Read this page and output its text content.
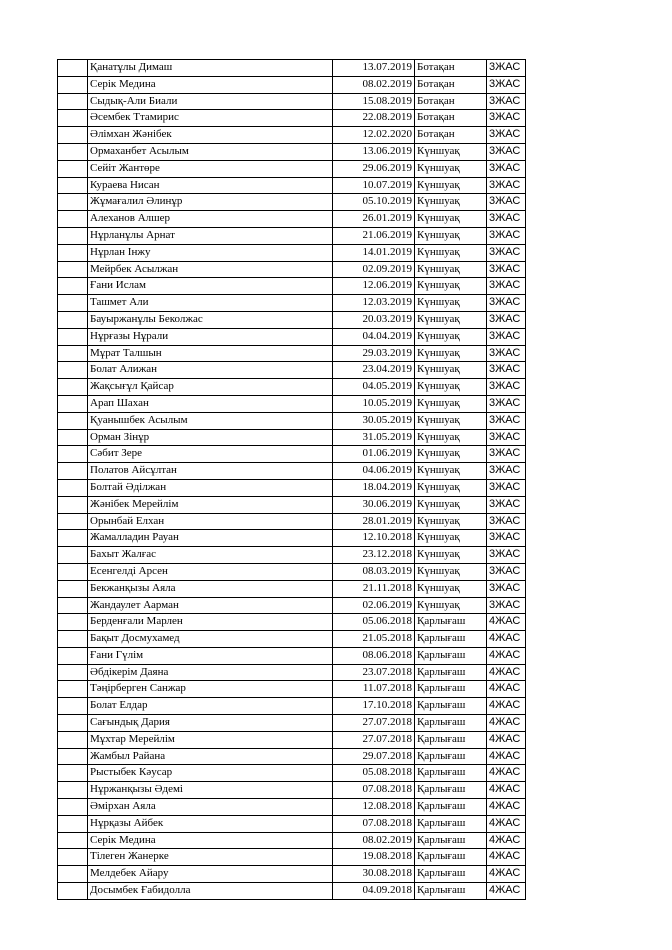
	Қанатұлы Димаш	13.07.2019	Ботақан	3ЖАС
	Серік Медина	08.02.2019	Ботақан	3ЖАС
	Сыдық-Али Биали	15.08.2019	Ботақан	3ЖАС
	Әсембек Ттамирис	22.08.2019	Ботақан	3ЖАС
	Әлімхан Жәнібек	12.02.2020	Ботақан	3ЖАС
	Ормаханбет Асылым	13.06.2019	Күншуақ	3ЖАС
	Сейіт Жантөре	29.06.2019	Күншуақ	3ЖАС
	Кураева Нисан	10.07.2019	Күншуақ	3ЖАС
	Жұмағалил Әлинұр	05.10.2019	Күншуақ	3ЖАС
	Алеханов Алшер	26.01.2019	Күншуақ	3ЖАС
	Нұрланұлы Арнат	21.06.2019	Күншуақ	3ЖАС
	Нұрлан Інжу	14.01.2019	Күншуақ	3ЖАС
	Мейрбек Асылжан	02.09.2019	Күншуақ	3ЖАС
	Ғани Ислам	12.06.2019	Күншуақ	3ЖАС
	Ташмет Али	12.03.2019	Күншуақ	3ЖАС
	Бауыржанұлы Беколжас	20.03.2019	Күншуақ	3ЖАС
	Нұрғазы Нұрали	04.04.2019	Күншуақ	3ЖАС
	Мұрат Талшын	29.03.2019	Күншуақ	3ЖАС
	Болат Алижан	23.04.2019	Күншуақ	3ЖАС
	Жақсығұл Қайсар	04.05.2019	Күншуақ	3ЖАС
	Арап Шахан	10.05.2019	Күншуақ	3ЖАС
	Қуанышбек Асылым	30.05.2019	Күншуақ	3ЖАС
	Орман Зінұр	31.05.2019	Күншуақ	3ЖАС
	Сәбит Зере	01.06.2019	Күншуақ	3ЖАС
	Полатов Айсұлтан	04.06.2019	Күншуақ	3ЖАС
	Болтай Әділжан	18.04.2019	Күншуақ	3ЖАС
	Жәнібек Мерейлім	30.06.2019	Күншуақ	3ЖАС
	Орынбай Елхан	28.01.2019	Күншуақ	3ЖАС
	Жамалладин Рауан	12.10.2018	Күншуақ	3ЖАС
	Бахыт Жалғас	23.12.2018	Күншуақ	3ЖАС
	Есенгелді Арсен	08.03.2019	Күншуақ	3ЖАС
	Бекжанқызы Аяла	21.11.2018	Күншуақ	3ЖАС
	Жандаулет Аарман	02.06.2019	Күншуақ	3ЖАС
	Берденғали Марлен	05.06.2018	Қарлығаш	4ЖАС
	Бақыт Досмухамед	21.05.2018	Қарлығаш	4ЖАС
	Ғани Гүлім	08.06.2018	Қарлығаш	4ЖАС
	Әбдікерім Даяна	23.07.2018	Қарлығаш	4ЖАС
	Тәңірберген Санжар	11.07.2018	Қарлығаш	4ЖАС
	Болат Елдар	17.10.2018	Қарлығаш	4ЖАС
	Сағындық Дария	27.07.2018	Қарлығаш	4ЖАС
	Мұхтар Мерейлім	27.07.2018	Қарлығаш	4ЖАС
	Жамбыл Райана	29.07.2018	Қарлығаш	4ЖАС
	Рыстыбек Кәусар	05.08.2018	Қарлығаш	4ЖАС
	Нұржанқызы Әдемі	07.08.2018	Қарлығаш	4ЖАС
	Әмірхан Аяла	12.08.2018	Қарлығаш	4ЖАС
	Нұрқазы Айбек	07.08.2018	Қарлығаш	4ЖАС
	Серік Медина	08.02.2019	Қарлығаш	4ЖАС
	Тілеген Жанерке	19.08.2018	Қарлығаш	4ЖАС
	Мелдебек Айару	30.08.2018	Қарлығаш	4ЖАС
	Досымбек Ғабидолла	04.09.2018	Қарлығаш	4ЖАС
